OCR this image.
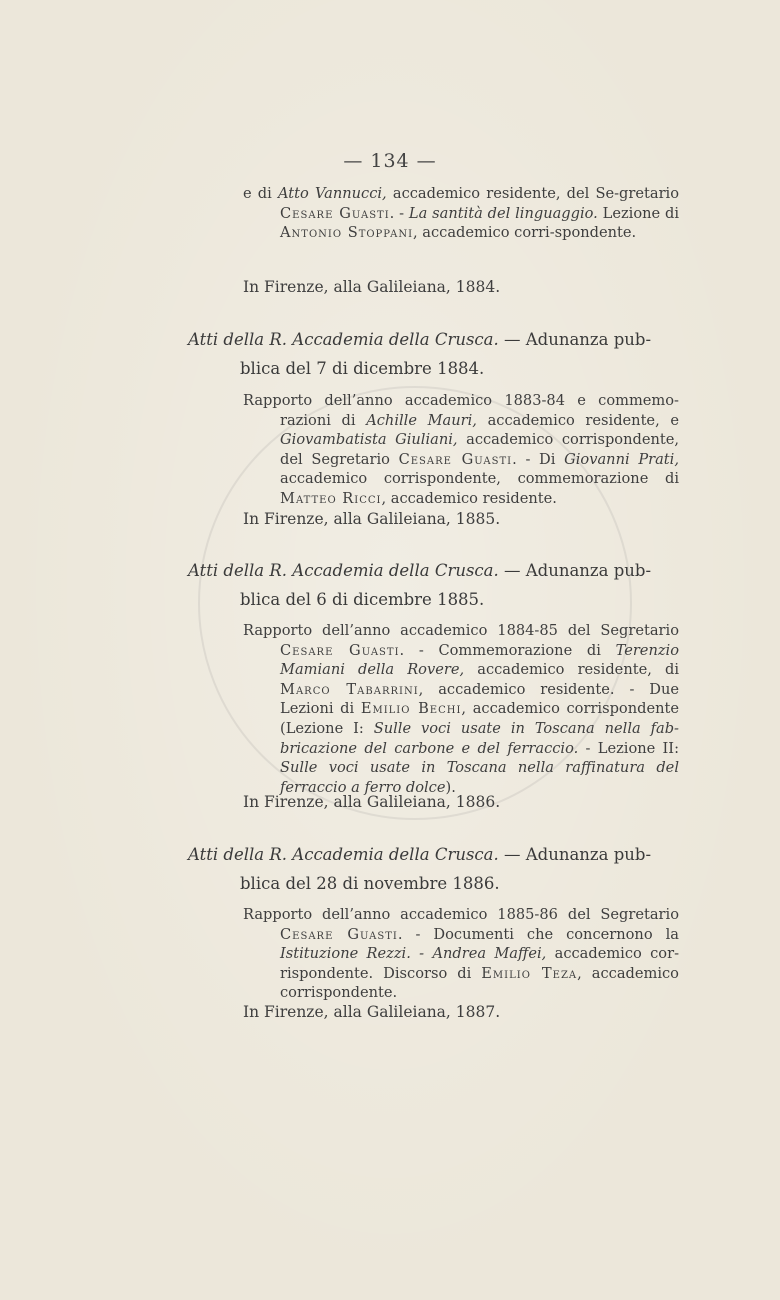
— 134 —

e di Atto Vannucci, accademico residente, del Se-gretario Cesare Guasti. - La santità del linguaggio. Lezione di Antonio Stoppani, accademico corri-spondente.

In Firenze, alla Galileiana, 1884.
Atti della R. Accademia della Crusca. — Adunanza pub-
blica del 7 di dicembre 1884.

Rapporto dell’anno accademico 1883-84 e commemo-razioni di Achille Mauri, accademico residente, e Giovambatista Giuliani, accademico corrispondente, del Segretario Cesare Guasti. - Di Giovanni Prati, accademico corrispondente, commemorazione di Matteo Ricci, accademico residente.

In Firenze, alla Galileiana, 1885.
Atti della R. Accademia della Crusca. — Adunanza pub-
blica del 6 di dicembre 1885.

Rapporto dell’anno accademico 1884-85 del Segretario Cesare Guasti. - Commemorazione di Terenzio Mamiani della Rovere, accademico residente, di Marco Tabarrini, accademico residente. - Due Lezioni di Emilio Bechi, accademico corrispondente (Lezione I: Sulle voci usate in Toscana nella fab-bricazione del carbone e del ferraccio. - Lezione II: Sulle voci usate in Toscana nella raffinatura del ferraccio a ferro dolce).

In Firenze, alla Galileiana, 1886.
Atti della R. Accademia della Crusca. — Adunanza pub-
blica del 28 di novembre 1886.

Rapporto dell’anno accademico 1885-86 del Segretario Cesare Guasti. - Documenti che concernono la Istituzione Rezzi. - Andrea Maffei, accademico cor-rispondente. Discorso di Emilio Teza, accademico corrispondente.

In Firenze, alla Galileiana, 1887.
